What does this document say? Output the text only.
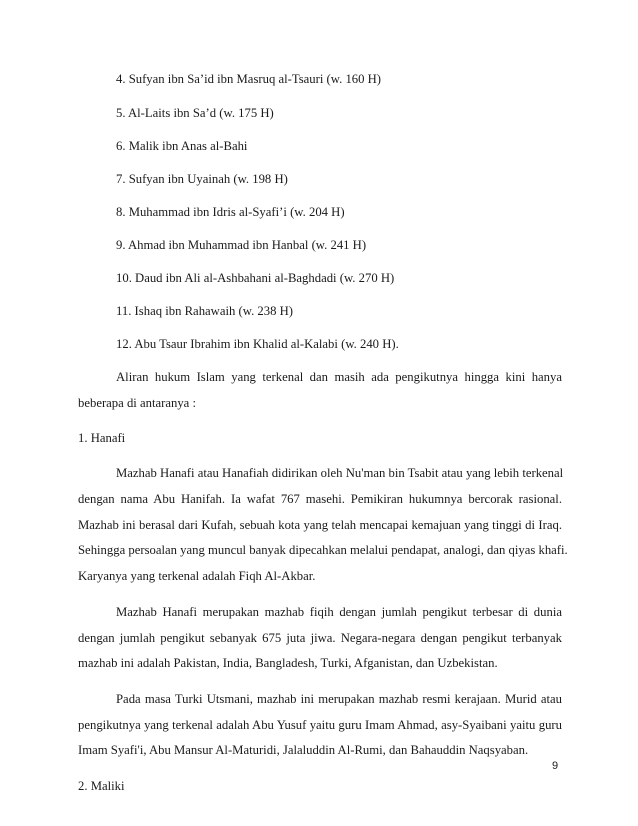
4. Sufyan ibn Sa’id ibn Masruq al-Tsauri (w. 160 H)
5. Al-Laits ibn Sa’d (w. 175 H)
6. Malik ibn Anas al-Bahi
7. Sufyan ibn Uyainah (w. 198 H)
8. Muhammad ibn Idris al-Syafi’i (w. 204 H)
9. Ahmad ibn Muhammad ibn Hanbal (w. 241 H)
10. Daud ibn Ali al-Ashbahani al-Baghdadi (w. 270 H)
11. Ishaq ibn Rahawaih (w. 238 H)
12. Abu Tsaur Ibrahim ibn Khalid al-Kalabi (w. 240 H).
Aliran hukum Islam yang terkenal dan masih ada pengikutnya hingga kini hanya
beberapa di antaranya :
1. Hanafi
Mazhab Hanafi atau Hanafiah didirikan oleh Nu'man bin Tsabit atau yang lebih terkenal
dengan nama Abu Hanifah. Ia wafat 767 masehi. Pemikiran hukumnya bercorak rasional.
Mazhab ini berasal dari Kufah, sebuah kota yang telah mencapai kemajuan yang tinggi di Iraq.
Sehingga persoalan yang muncul banyak dipecahkan melalui pendapat, analogi, dan qiyas khafi.
Karyanya yang terkenal adalah Fiqh Al-Akbar.
Mazhab Hanafi merupakan mazhab fiqih dengan jumlah pengikut terbesar di dunia
dengan jumlah pengikut sebanyak 675 juta jiwa. Negara-negara dengan pengikut terbanyak
mazhab ini adalah Pakistan, India, Bangladesh, Turki, Afganistan, dan Uzbekistan.
Pada masa Turki Utsmani, mazhab ini merupakan mazhab resmi kerajaan. Murid atau
pengikutnya yang terkenal adalah Abu Yusuf yaitu guru Imam Ahmad, asy-Syaibani yaitu guru
Imam Syafi'i, Abu Mansur Al-Maturidi, Jalaluddin Al-Rumi, dan Bahauddin Naqsyaban.
2. Maliki
9
